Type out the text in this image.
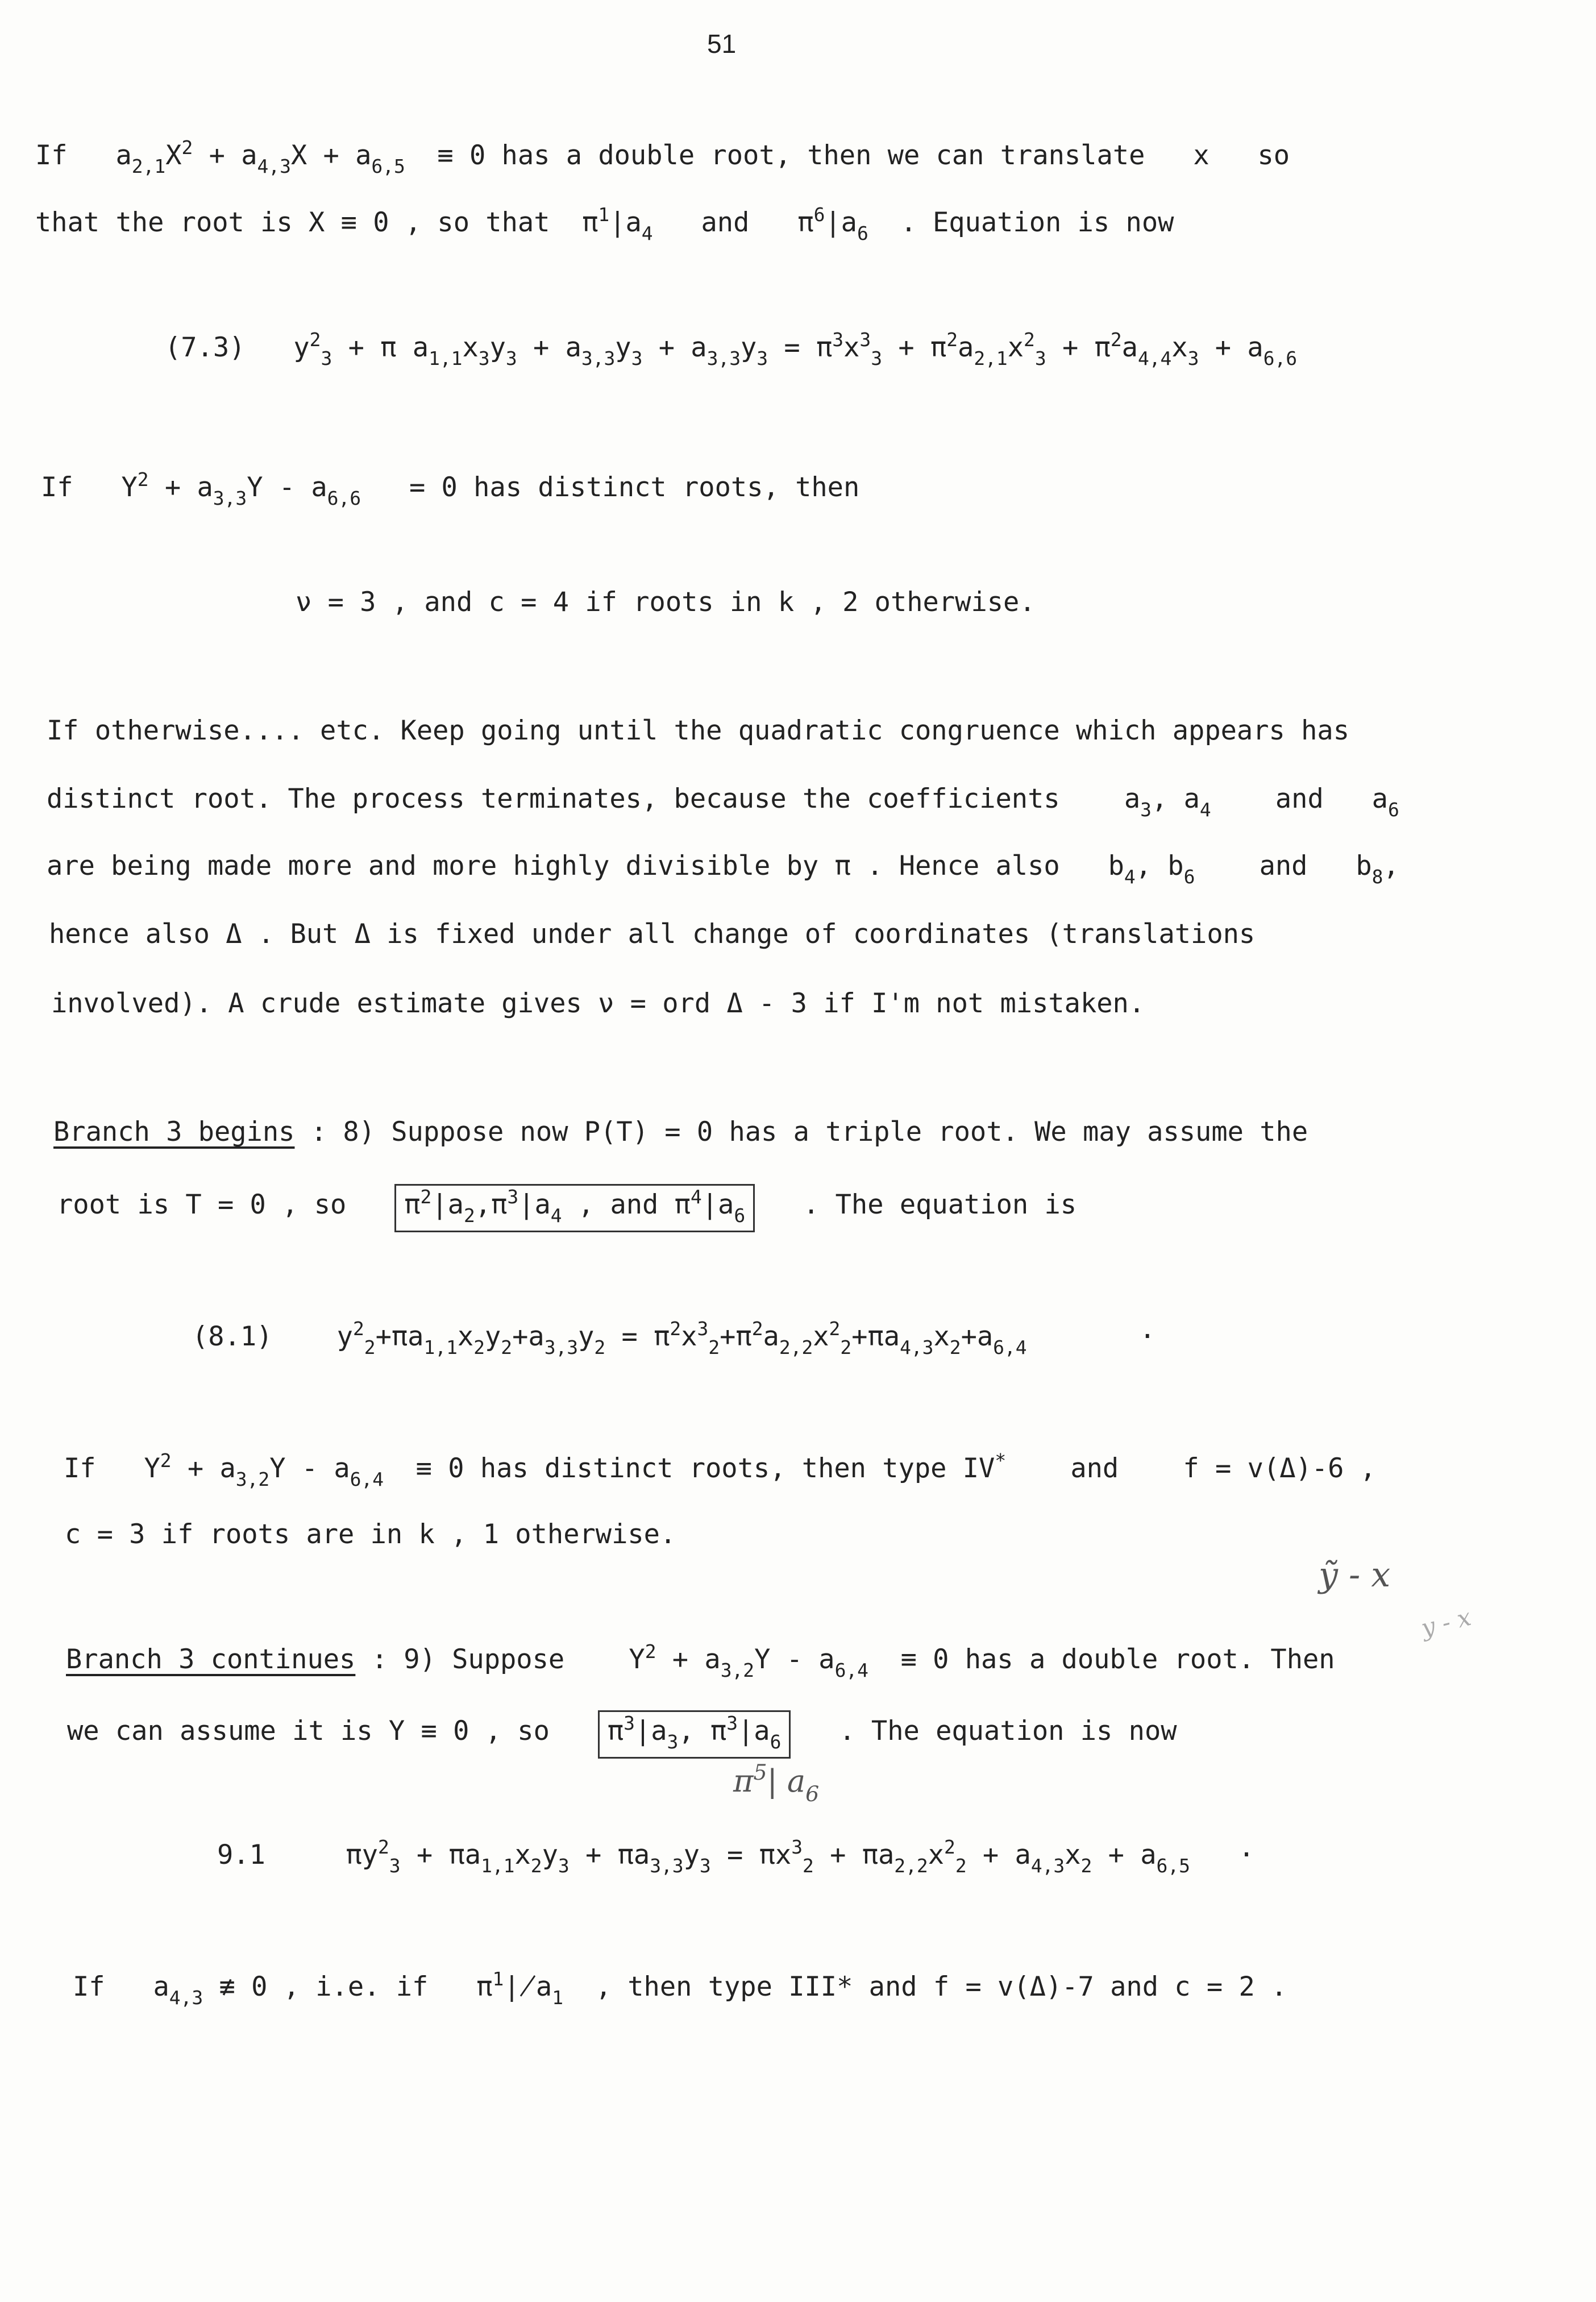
51
If $a_{2,1}X^2 + a_{4,3}X + a_{6,5} \equiv 0$ has a double root, then we can translate x so
that the root is X ≡ 0 , so that $\pi^1|a_4$ and $\pi^6|a_6$ . Equation is now
(7.3) $y^2_3 + \pi$ $a_{1,1}x_3y_3 + a_{3,3}y_3 + a_{3,3}y_3 = \pi^3x^3_3 + \pi^2a_{2,1}x^2_3 + \pi^2a_{4,4}x_3 + a_{6,6}$
If $Y^2 + a_{3,3}Y - a_{6,6} = 0$ has distinct roots, then
ν = 3 , and c = 4 if roots in k , 2 otherwise.
If otherwise.... etc. Keep going until the quadratic congruence which appears has
distinct root. The process terminates, because the coefficients $a_3$, $a_4$ and $a_6$
are being made more and more highly divisible by π . Hence also $b_4$, $b_6$ and $b_8$,
hence also Δ . But Δ is fixed under all change of coordinates (translations
involved). A crude estimate gives ν = ord Δ - 3 if I'm not mistaken.
Branch 3 begins : 8) Suppose now P(T) = 0 has a triple root. We may assume the
root is T = 0 , so $\pi^2|a_2,\pi^3|a_4$ , and $\pi^4|a_6$ . The equation is
(8.1) $y^2_2+\pi a_{1,1}x_2y_2+a_{3,3}y_2 = \pi^2x^3_2+\pi^2a_{2,2}x^2_2+\pi a_{4,3}x_2+a_{6,4}$	·
If $Y^2 + a_{3,2}Y - a_{6,4} \equiv 0$ has distinct roots, then type IV* and f = v(Δ)-6 ,
c = 3 if roots are in k , 1 otherwise.
Branch 3 continues : 9) Suppose $Y^2 + a_{3,2}Y - a_{6,4} \equiv 0$ has a double root. Then
we can assume it is Y ≡ 0 , so $\pi^3|a_3$, $\pi^3|a_6$ . The equation is now
$\pi^5|$ $a_6$
9.1	$\pi y^2_3 + \pi a_{1,1}x_2y_3 + \pi a_{3,3}y_3 = \pi x^3_2 + \pi a_{2,2}x^2_2 + a_{4,3}x_2 + a_{6,5}$ ·
If $a_{4,3}$ ≢ 0 , i.e. if $\pi^1∤a_1$ , then type III* and f = v(Δ)-7 and c = 2 .
ỹ - x
y - x
